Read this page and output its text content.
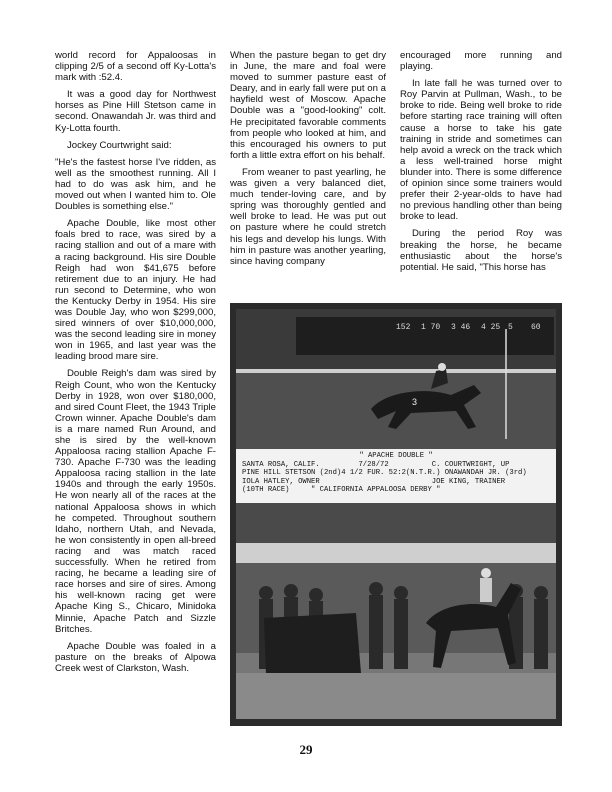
world record for Appaloosas in clipping 2/5 of a second off Ky-Lotta's mark with :52.4.

It was a good day for Northwest horses as Pine Hill Stetson came in second. Onawandah Jr. was third and Ky-Lotta fourth.

Jockey Courtwright said:

"He's the fastest horse I've ridden, as well as the smoothest running. All I had to do was ask him, and he moved out when I wanted him to. Ole Doubles is something else."

Apache Double, like most other foals bred to race, was sired by a racing stallion and out of a mare with a racing background. His sire Double Reigh had won $41,675 before retirement due to an injury. He had run second to Determine, who won the Kentucky Derby in 1954. His sire was Double Jay, who won $299,000, sired winners of over $10,000,000, was the second leading sire in money won in 1965, and last year was the leading brood mare sire.

Double Reigh's dam was sired by Reigh Count, who won the Kentucky Derby in 1928, won over $180,000, and sired Count Fleet, the 1943 Triple Crown winner. Apache Double's dam is a mare named Run Around, and she is sired by the well-known Appaloosa racing stallion Apache F-730. Apache F-730 was the leading Appaloosa racing stallion in the late 1940s and through the early 1950s. He won nearly all of the races at the national Appaloosa shows in which he competed. Throughout southern Idaho, northern Utah, and Nevada, he won consistently in open all-breed racing and was match raced successfully. When he retired from racing, he became a leading sire of race horses and sire of sires. Among his well-known racing get were Apache King S., Chicaro, Minidoka Minnie, Apache Patch and Sizzle Britches.

Apache Double was foaled in a pasture on the breaks of Alpowa Creek west of Clarkston, Wash.

When the pasture began to get dry in June, the mare and foal were moved to summer pasture east of Deary, and in early fall were put on a hayfield west of Moscow. Apache Double was a "good-looking" colt. He precipitated favorable comments from people who looked at him, and this encouraged his owners to put forth a little extra effort on his behalf.

From weaner to past yearling, he was given a very balanced diet, much tender-loving care, and by spring was thoroughly gentled and well broke to lead. He was put out on pasture where he could stretch his legs and develop his lungs. With him in pasture was another yearling, since having company

encouraged more running and playing.

In late fall he was turned over to Roy Parvin at Pullman, Wash., to be broke to ride. Being well broke to ride before starting race training will often cause a horse to take his gate training in stride and sometimes can help avoid a wreck on the track which a less well-trained horse might blunder into. There is some difference of opinion since some trainers would prefer their 2-year-olds to have had no previous handling other than being broke to lead.

During the period Roy was breaking the horse, he became enthusiastic about the horse's potential. He said, "This horse has

152 1 70 3 46 4 25 5 60
3
" APACHE DOUBLE "
SANTA ROSA, CALIF.         7/28/72          C. COURTWRIGHT, UP
PINE HILL STETSON (2nd)4 1/2 FUR. 52:2(N.T.R.) ONAWANDAH JR. (3rd)
IOLA HATLEY, OWNER                          JOE KING, TRAINER
(10TH RACE)     " CALIFORNIA APPALOOSA DERBY "
29
